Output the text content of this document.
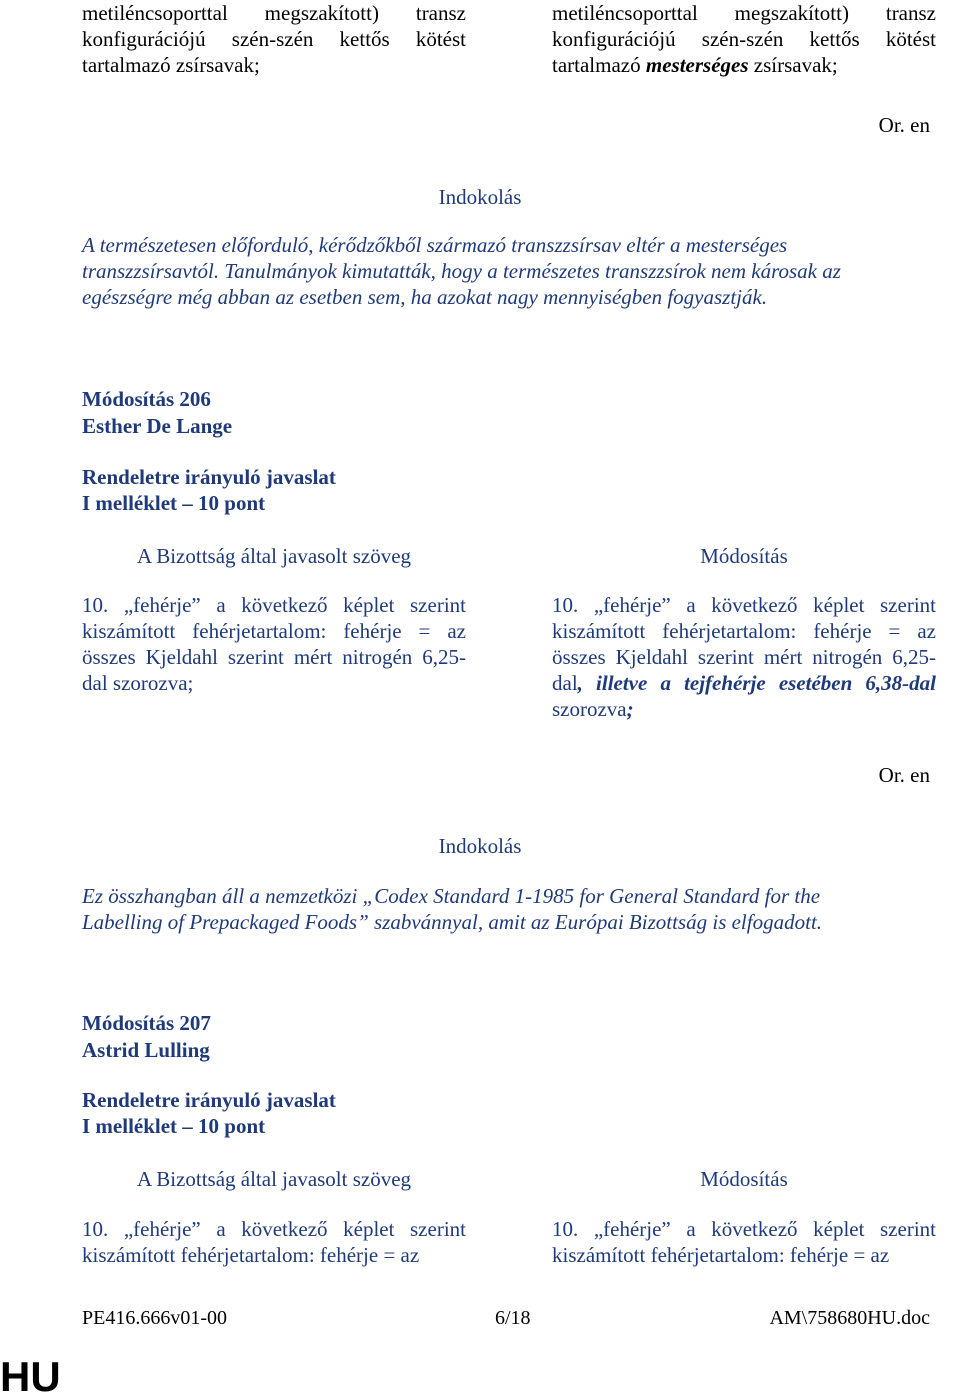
metiléncsoporttal megszakított) transz konfigurációjú szén-szén kettős kötést tartalmazó zsírsavak;
metiléncsoporttal megszakított) transz konfigurációjú szén-szén kettős kötést tartalmazó mesterséges zsírsavak;
Or. en
Indokolás
A természetesen előforduló, kérődzőkből származó transzzsírsav eltér a mesterséges transzzsírsavtól. Tanulmányok kimutatták, hogy a természetes transzzsírok nem károsak az egészségre még abban az esetben sem, ha azokat nagy mennyiségben fogyasztják.
Módosítás 206
Esther De Lange
Rendeletre irányuló javaslat
I melléklet – 10 pont
A Bizottság által javasolt szöveg	Módosítás
10. „fehérje” a következő képlet szerint kiszámított fehérjetartalom: fehérje = az összes Kjeldahl szerint mért nitrogén 6,25-dal szorozva;
10. „fehérje” a következő képlet szerint kiszámított fehérjetartalom: fehérje = az összes Kjeldahl szerint mért nitrogén 6,25-dal, illetve a tejfehérje esetében 6,38-dal szorozva;
Or. en
Indokolás
Ez összhangban áll a nemzetközi „Codex Standard 1-1985 for General Standard for the Labelling of Prepackaged Foods” szabvánnyal, amit az Európai Bizottság is elfogadott.
Módosítás 207
Astrid Lulling
Rendeletre irányuló javaslat
I melléklet – 10 pont
A Bizottság által javasolt szöveg	Módosítás
10. „fehérje” a következő képlet szerint kiszámított fehérjetartalom: fehérje = az
10. „fehérje” a következő képlet szerint kiszámított fehérjetartalom: fehérje = az
PE416.666v01-00	6/18	AM\758680HU.doc
HU
